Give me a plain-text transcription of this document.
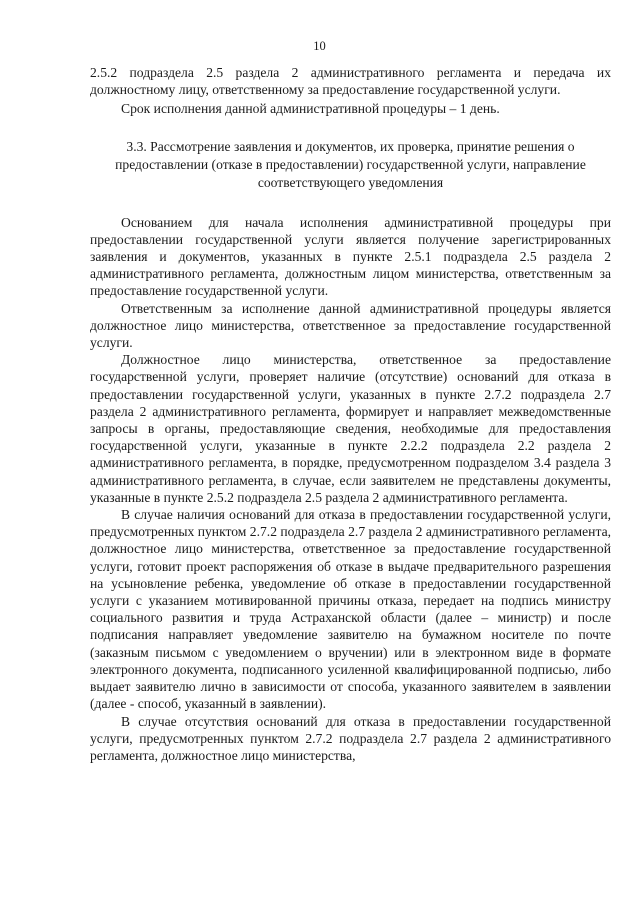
10

2.5.2 подраздела 2.5 раздела 2 административного регламента и передача их должностному лицу, ответственному за предоставление государственной услуги.

Срок исполнения данной административной процедуры – 1 день.

3.3. Рассмотрение заявления и документов, их проверка, принятие решения о предоставлении (отказе в предоставлении) государственной услуги, направление соответствующего уведомления

Основанием для начала исполнения административной процедуры при предоставлении государственной услуги является получение зарегистрированных заявления и документов, указанных в пункте 2.5.1 подраздела 2.5 раздела 2 административного регламента, должностным лицом министерства, ответственным за предоставление государственной услуги.

Ответственным за исполнение данной административной процедуры является должностное лицо министерства, ответственное за предоставление государственной услуги.

Должностное лицо министерства, ответственное за предоставление государственной услуги, проверяет наличие (отсутствие) оснований для отказа в предоставлении государственной услуги, указанных в пункте 2.7.2 подраздела 2.7 раздела 2 административного регламента, формирует и направляет межведомственные запросы в органы, предоставляющие сведения, необходимые для предоставления государственной услуги, указанные в пункте 2.2.2 подраздела 2.2 раздела 2 административного регламента, в порядке, предусмотренном подразделом 3.4 раздела 3 административного регламента, в случае, если заявителем не представлены документы, указанные в пункте 2.5.2 подраздела 2.5 раздела 2 административного регламента.

В случае наличия оснований для отказа в предоставлении государственной услуги, предусмотренных пунктом 2.7.2 подраздела 2.7 раздела 2 административного регламента, должностное лицо министерства, ответственное за предоставление государственной услуги, готовит проект распоряжения об отказе в выдаче предварительного разрешения на усыновление ребенка, уведомление об отказе в предоставлении государственной услуги с указанием мотивированной причины отказа, передает на подпись министру социального развития и труда Астраханской области (далее – министр) и после подписания направляет уведомление заявителю на бумажном носителе по почте (заказным письмом с уведомлением о вручении) или в электронном виде в формате электронного документа, подписанного усиленной квалифицированной подписью, либо выдает заявителю лично в зависимости от способа, указанного заявителем в заявлении (далее - способ, указанный в заявлении).

В случае отсутствия оснований для отказа в предоставлении государственной услуги, предусмотренных пунктом 2.7.2 подраздела 2.7 раздела 2 административного регламента, должностное лицо министерства,
